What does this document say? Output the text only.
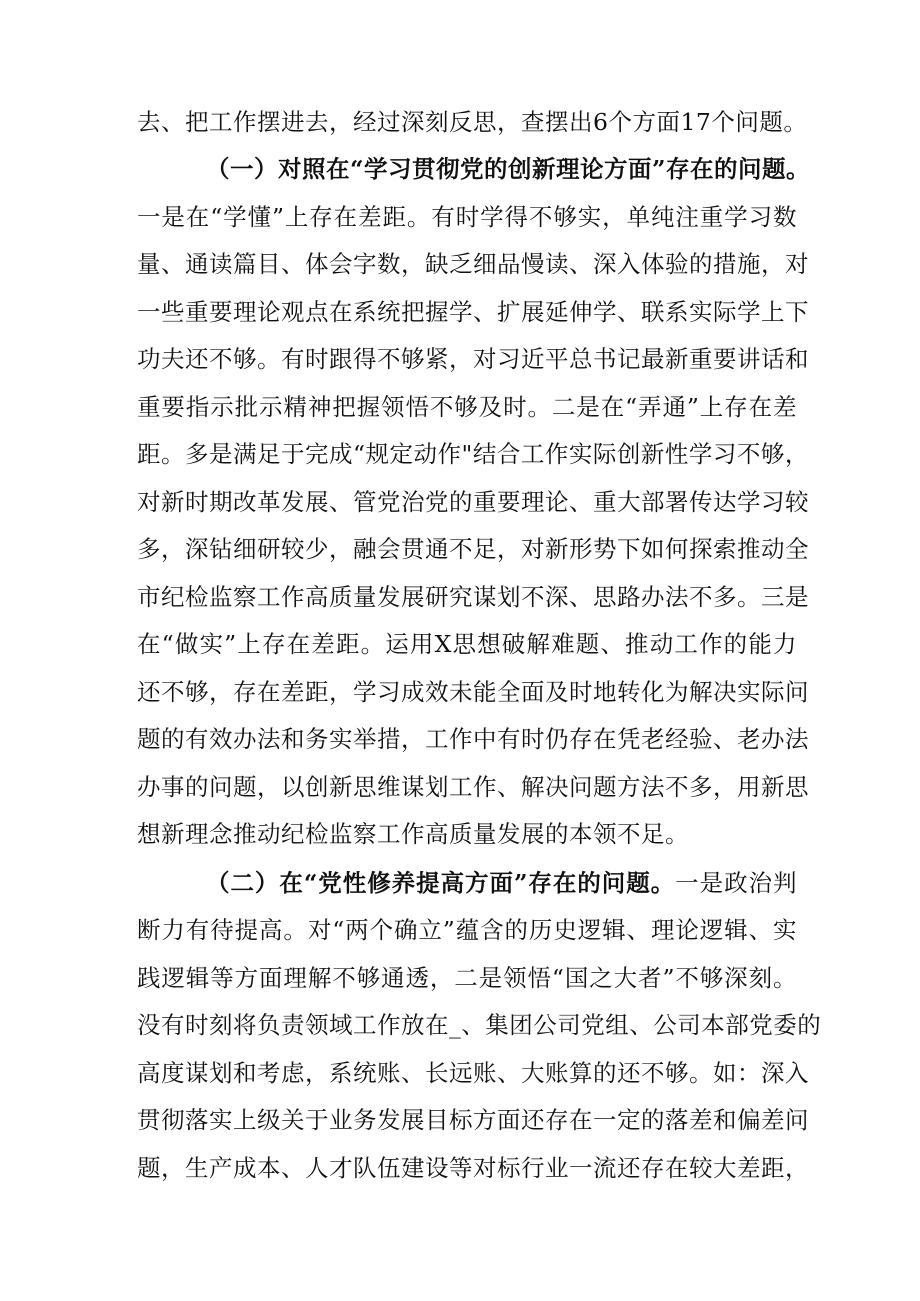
去、把工作摆进去，经过深刻反思，查摆出6个方面17个问题。
（一）对照在“学习贯彻党的创新理论方面”存在的问题。
一是在“学懂”上存在差距。有时学得不够实，单纯注重学习数
量、通读篇目、体会字数，缺乏细品慢读、深入体验的措施，对
一些重要理论观点在系统把握学、扩展延伸学、联系实际学上下
功夫还不够。有时跟得不够紧，对习近平总书记最新重要讲话和
重要指示批示精神把握领悟不够及时。二是在“弄通”上存在差
距。多是满足于完成“规定动作"结合工作实际创新性学习不够，
对新时期改革发展、管党治党的重要理论、重大部署传达学习较
多，深钻细研较少，融会贯通不足，对新形势下如何探索推动全
市纪检监察工作高质量发展研究谋划不深、思路办法不多。三是
在“做实”上存在差距。运用X思想破解难题、推动工作的能力
还不够，存在差距，学习成效未能全面及时地转化为解决实际问
题的有效办法和务实举措，工作中有时仍存在凭老经验、老办法
办事的问题，以创新思维谋划工作、解决问题方法不多，用新思
想新理念推动纪检监察工作高质量发展的本领不足。
（二）在“党性修养提高方面”存在的问题。一是政治判
断力有待提高。对“两个确立”蕴含的历史逻辑、理论逻辑、实
践逻辑等方面理解不够通透，二是领悟“国之大者”不够深刻。
没有时刻将负责领域工作放在_、集团公司党组、公司本部党委的
高度谋划和考虑，系统账、长远账、大账算的还不够。如：深入
贯彻落实上级关于业务发展目标方面还存在一定的落差和偏差问
题，生产成本、人才队伍建设等对标行业一流还存在较大差距，
